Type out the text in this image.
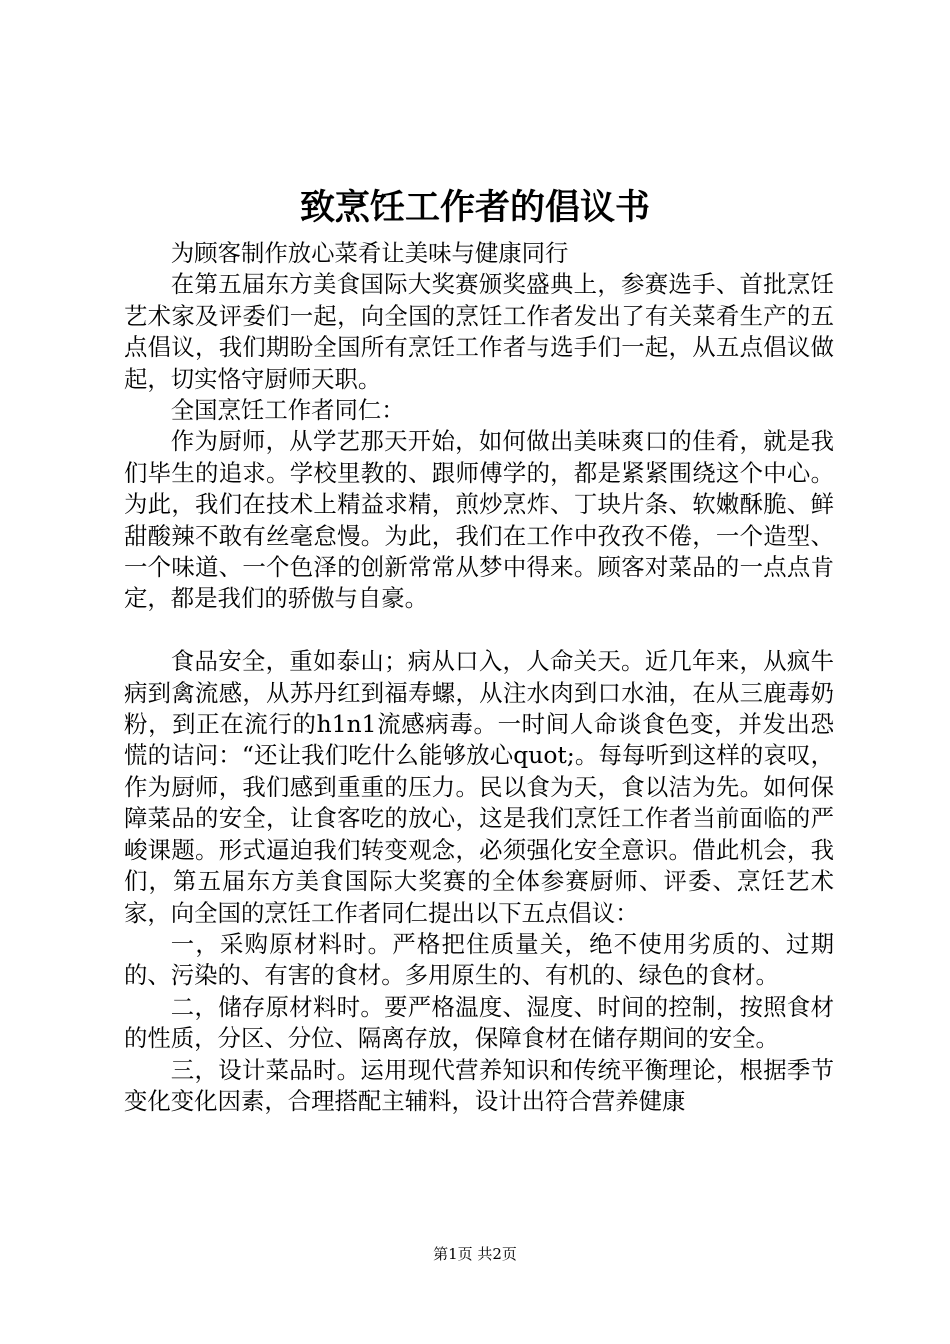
致烹饪工作者的倡议书

为顾客制作放心菜肴让美味与健康同行

在第五届东方美食国际大奖赛颁奖盛典上，参赛选手、首批烹饪艺术家及评委们一起，向全国的烹饪工作者发出了有关菜肴生产的五点倡议，我们期盼全国所有烹饪工作者与选手们一起，从五点倡议做起，切实恪守厨师天职。

全国烹饪工作者同仁：

作为厨师，从学艺那天开始，如何做出美味爽口的佳肴，就是我们毕生的追求。学校里教的、跟师傅学的，都是紧紧围绕这个中心。为此，我们在技术上精益求精，煎炒烹炸、丁块片条、软嫩酥脆、鲜甜酸辣不敢有丝毫怠慢。为此，我们在工作中孜孜不倦，一个造型、一个味道、一个色泽的创新常常从梦中得来。顾客对菜品的一点点肯定，都是我们的骄傲与自豪。

食品安全，重如泰山；病从口入，人命关天。近几年来，从疯牛病到禽流感，从苏丹红到福寿螺，从注水肉到口水油，在从三鹿毒奶粉，到正在流行的h1n1流感病毒。一时间人命谈食色变，并发出恐慌的诘问：“还让我们吃什么能够放心quot;。每每听到这样的哀叹，作为厨师，我们感到重重的压力。民以食为天，食以洁为先。如何保障菜品的安全，让食客吃的放心，这是我们烹饪工作者当前面临的严峻课题。形式逼迫我们转变观念，必须强化安全意识。借此机会，我们，第五届东方美食国际大奖赛的全体参赛厨师、评委、烹饪艺术家，向全国的烹饪工作者同仁提出以下五点倡议：

一，采购原材料时。严格把住质量关，绝不使用劣质的、过期的、污染的、有害的食材。多用原生的、有机的、绿色的食材。

二，储存原材料时。要严格温度、湿度、时间的控制，按照食材的性质，分区、分位、隔离存放，保障食材在储存期间的安全。

三，设计菜品时。运用现代营养知识和传统平衡理论，根据季节变化变化因素，合理搭配主辅料，设计出符合营养健康

第1页 共2页
